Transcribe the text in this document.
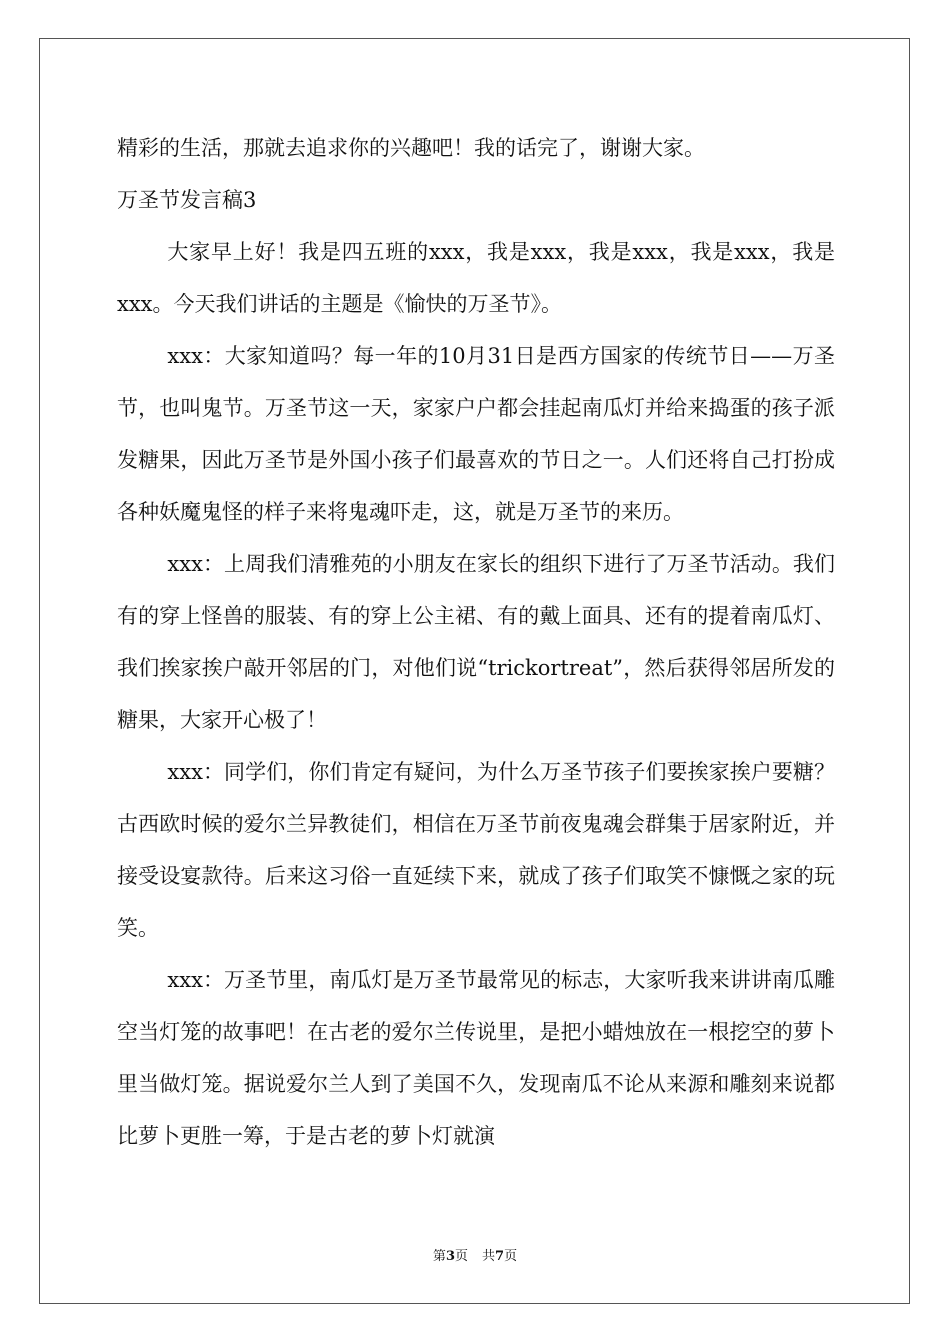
精彩的生活，那就去追求你的兴趣吧！我的话完了，谢谢大家。

万圣节发言稿3

大家早上好！我是四五班的xxx，我是xxx，我是xxx，我是xxx，我是xxx。今天我们讲话的主题是《愉快的万圣节》。

xxx：大家知道吗？每一年的10月31日是西方国家的传统节日——万圣节，也叫鬼节。万圣节这一天，家家户户都会挂起南瓜灯并给来捣蛋的孩子派发糖果，因此万圣节是外国小孩子们最喜欢的节日之一。人们还将自己打扮成各种妖魔鬼怪的样子来将鬼魂吓走，这，就是万圣节的来历。

xxx：上周我们清雅苑的小朋友在家长的组织下进行了万圣节活动。我们有的穿上怪兽的服装、有的穿上公主裙、有的戴上面具、还有的提着南瓜灯、我们挨家挨户敲开邻居的门，对他们说“trickortreat”，然后获得邻居所发的糖果，大家开心极了！

xxx：同学们，你们肯定有疑问，为什么万圣节孩子们要挨家挨户要糖？古西欧时候的爱尔兰异教徒们，相信在万圣节前夜鬼魂会群集于居家附近，并接受设宴款待。后来这习俗一直延续下来，就成了孩子们取笑不慷慨之家的玩笑。

xxx：万圣节里，南瓜灯是万圣节最常见的标志，大家听我来讲讲南瓜雕空当灯笼的故事吧！在古老的爱尔兰传说里，是把小蜡烛放在一根挖空的萝卜里当做灯笼。据说爱尔兰人到了美国不久，发现南瓜不论从来源和雕刻来说都比萝卜更胜一筹，于是古老的萝卜灯就演

第3页 共7页
